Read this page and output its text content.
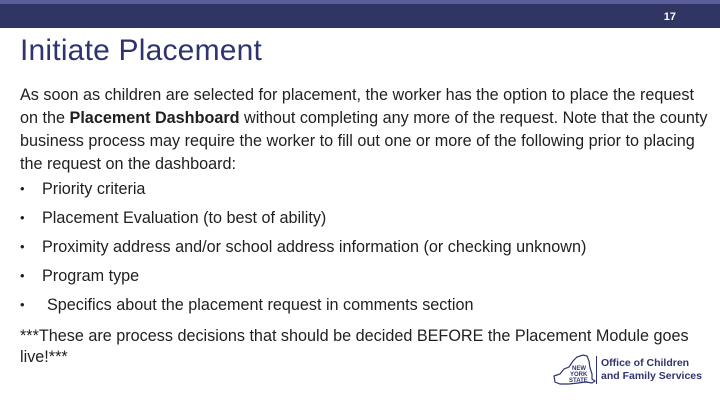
17
Initiate Placement

As soon as children are selected for placement, the worker has the option to place the request on the Placement Dashboard without completing any more of the request. Note that the county business process may require the worker to fill out one or more of the following prior to placing the request on the dashboard:

• Priority criteria
• Placement Evaluation (to best of ability)
• Proximity address and/or school address information (or checking unknown)
• Program type
• Specifics about the placement request in comments section

***These are process decisions that should be decided BEFORE the Placement Module goes live!***

NEW
YORK
STATE
Office of Children
and Family Services
